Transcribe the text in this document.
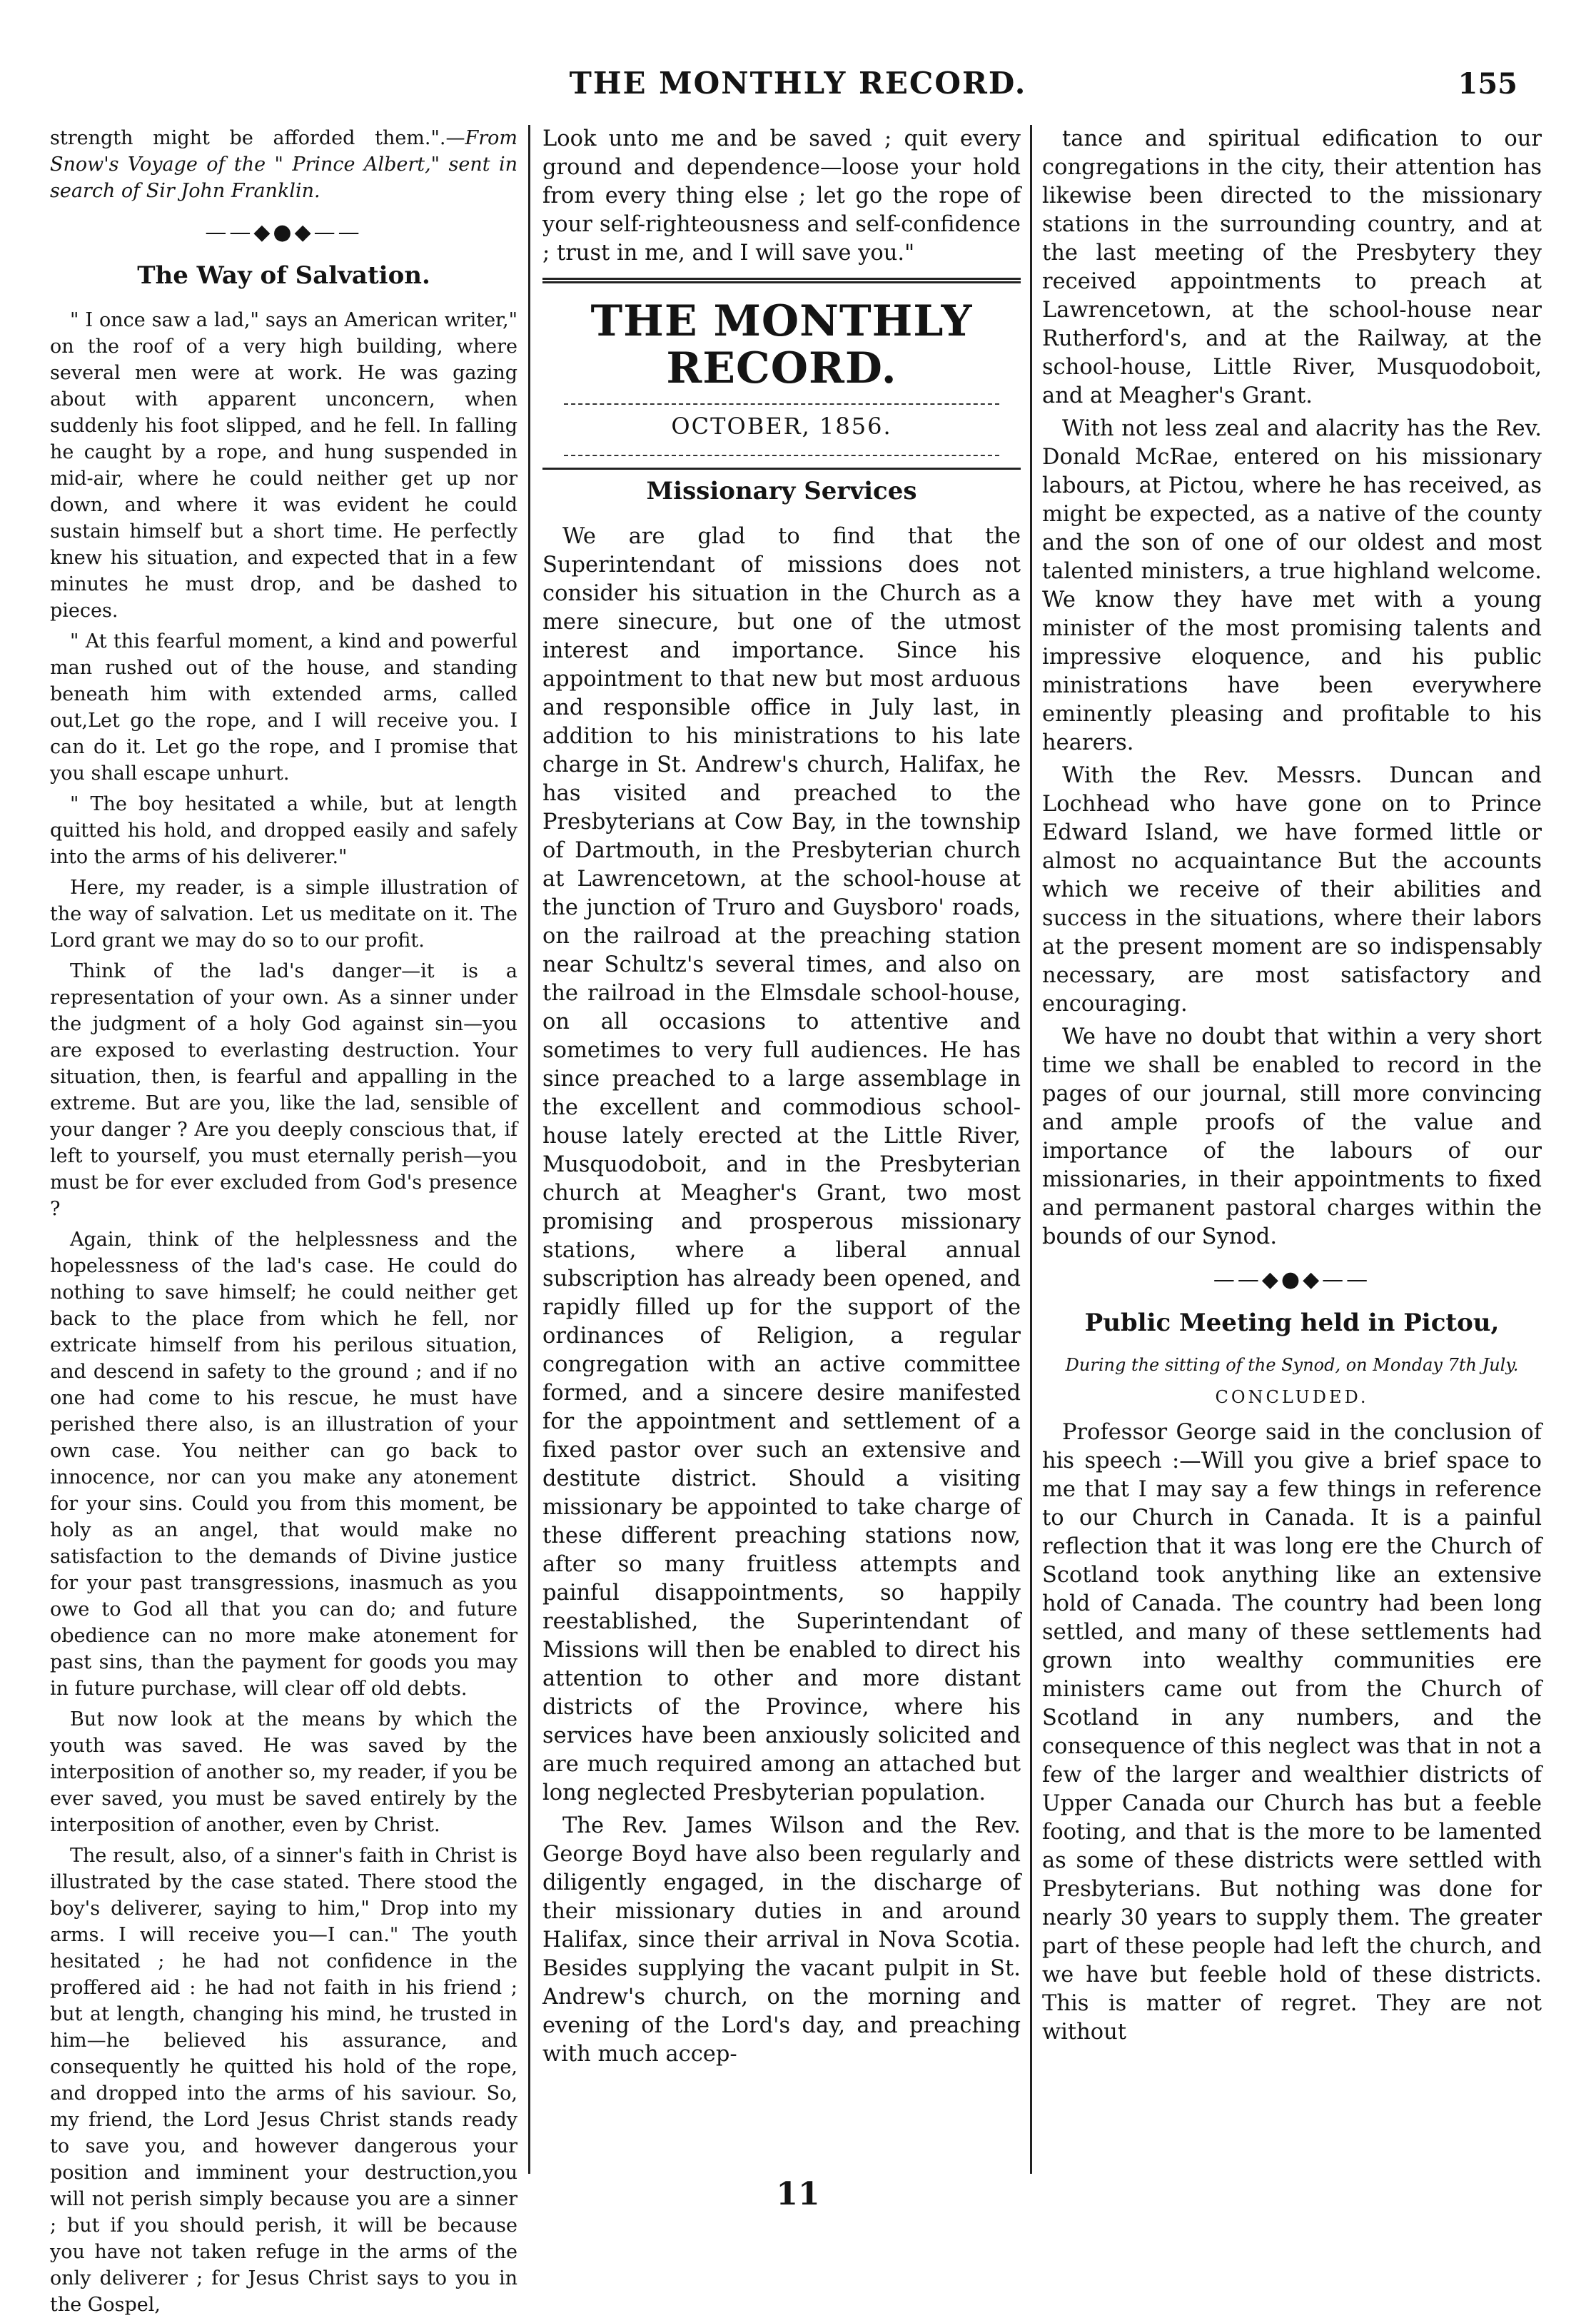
THE MONTHLY RECORD.	155

strength might be afforded them.".—From Snow's Voyage of the " Prince Albert," sent in search of Sir John Franklin.

——◆●◆——
The Way of Salvation.

" I once saw a lad," says an American writer," on the roof of a very high building, where several men were at work. He was gazing about with apparent unconcern, when suddenly his foot slipped, and he fell. In falling he caught by a rope, and hung suspended in mid-air, where he could neither get up nor down, and where it was evident he could sustain himself but a short time. He perfectly knew his situation, and expected that in a few minutes he must drop, and be dashed to pieces.

" At this fearful moment, a kind and powerful man rushed out of the house, and standing beneath him with extended arms, called out,Let go the rope, and I will receive you. I can do it. Let go the rope, and I promise that you shall escape unhurt.

" The boy hesitated a while, but at length quitted his hold, and dropped easily and safely into the arms of his deliverer."

Here, my reader, is a simple illustration of the way of salvation. Let us meditate on it. The Lord grant we may do so to our profit.

Think of the lad's danger—it is a representation of your own. As a sinner under the judgment of a holy God against sin—you are exposed to everlasting destruction. Your situation, then, is fearful and appalling in the extreme. But are you, like the lad, sensible of your danger ? Are you deeply conscious that, if left to yourself, you must eternally perish—you must be for ever excluded from God's presence ?

Again, think of the helplessness and the hopelessness of the lad's case. He could do nothing to save himself; he could neither get back to the place from which he fell, nor extricate himself from his perilous situation, and descend in safety to the ground ; and if no one had come to his rescue, he must have perished there also, is an illustration of your own case. You neither can go back to innocence, nor can you make any atonement for your sins. Could you from this moment, be holy as an angel, that would make no satisfaction to the demands of Divine justice for your past transgressions, inasmuch as you owe to God all that you can do; and future obedience can no more make atonement for past sins, than the payment for goods you may in future purchase, will clear off old debts.

But now look at the means by which the youth was saved. He was saved by the interposition of another so, my reader, if you be ever saved, you must be saved entirely by the interposition of another, even by Christ.

The result, also, of a sinner's faith in Christ is illustrated by the case stated. There stood the boy's deliverer, saying to him," Drop into my arms. I will receive you—I can." The youth hesitated ; he had not confidence in the proffered aid : he had not faith in his friend ; but at length, changing his mind, he trusted in him—he believed his assurance, and consequently he quitted his hold of the rope, and dropped into the arms of his saviour. So, my friend, the Lord Jesus Christ stands ready to save you, and however dangerous your position and imminent your destruction,you will not perish simply because you are a sinner ; but if you should perish, it will be because you have not taken refuge in the arms of the only deliverer ; for Jesus Christ says to you in the Gospel,

Look unto me and be saved ; quit every ground and dependence—loose your hold from every thing else ; let go the rope of your self-righteousness and self-confidence ; trust in me, and I will save you."

THE MONTHLY RECORD.
OCTOBER, 1856.
Missionary Services

We are glad to find that the Superintendant of missions does not consider his situation in the Church as a mere sinecure, but one of the utmost interest and importance. Since his appointment to that new but most arduous and responsible office in July last, in addition to his ministrations to his late charge in St. Andrew's church, Halifax, he has visited and preached to the Presbyterians at Cow Bay, in the township of Dartmouth, in the Presbyterian church at Lawrencetown, at the school-house at the junction of Truro and Guysboro' roads, on the railroad at the preaching station near Schultz's several times, and also on the railroad in the Elmsdale school-house, on all occasions to attentive and sometimes to very full audiences. He has since preached to a large assemblage in the excellent and commodious school-house lately erected at the Little River, Musquodoboit, and in the Presbyterian church at Meagher's Grant, two most promising and prosperous missionary stations, where a liberal annual subscription has already been opened, and rapidly filled up for the support of the ordinances of Religion, a regular congregation with an active committee formed, and a sincere desire manifested for the appointment and settlement of a fixed pastor over such an extensive and destitute district. Should a visiting missionary be appointed to take charge of these different preaching stations now, after so many fruitless attempts and painful disappointments, so happily reestablished, the Superintendant of Missions will then be enabled to direct his attention to other and more distant districts of the Province, where his services have been anxiously solicited and are much required among an attached but long neglected Presbyterian population.

The Rev. James Wilson and the Rev. George Boyd have also been regularly and diligently engaged, in the discharge of their missionary duties in and around Halifax, since their arrival in Nova Scotia. Besides supplying the vacant pulpit in St. Andrew's church, on the morning and evening of the Lord's day, and preaching with much accep-

tance and spiritual edification to our congregations in the city, their attention has likewise been directed to the missionary stations in the surrounding country, and at the last meeting of the Presbytery they received appointments to preach at Lawrencetown, at the school-house near Rutherford's, and at the Railway, at the school-house, Little River, Musquodoboit, and at Meagher's Grant.

With not less zeal and alacrity has the Rev. Donald McRae, entered on his missionary labours, at Pictou, where he has received, as might be expected, as a native of the county and the son of one of our oldest and most talented ministers, a true highland welcome. We know they have met with a young minister of the most promising talents and impressive eloquence, and his public ministrations have been everywhere eminently pleasing and profitable to his hearers.

With the Rev. Messrs. Duncan and Lochhead who have gone on to Prince Edward Island, we have formed little or almost no acquaintance But the accounts which we receive of their abilities and success in the situations, where their labors at the present moment are so indispensably necessary, are most satisfactory and encouraging.

We have no doubt that within a very short time we shall be enabled to record in the pages of our journal, still more convincing and ample proofs of the value and importance of the labours of our missionaries, in their appointments to fixed and permanent pastoral charges within the bounds of our Synod.

——◆●◆——
Public Meeting held in Pictou,
During the sitting of the Synod, on Monday 7th July.
CONCLUDED.

Professor George said in the conclusion of his speech :—Will you give a brief space to me that I may say a few things in reference to our Church in Canada. It is a painful reflection that it was long ere the Church of Scotland took anything like an extensive hold of Canada. The country had been long settled, and many of these settlements had grown into wealthy communities ere ministers came out from the Church of Scotland in any numbers, and the consequence of this neglect was that in not a few of the larger and wealthier districts of Upper Canada our Church has but a feeble footing, and that is the more to be lamented as some of these districts were settled with Presbyterians. But nothing was done for nearly 30 years to supply them. The greater part of these people had left the church, and we have but feeble hold of these districts. This is matter of regret. They are not without

11
